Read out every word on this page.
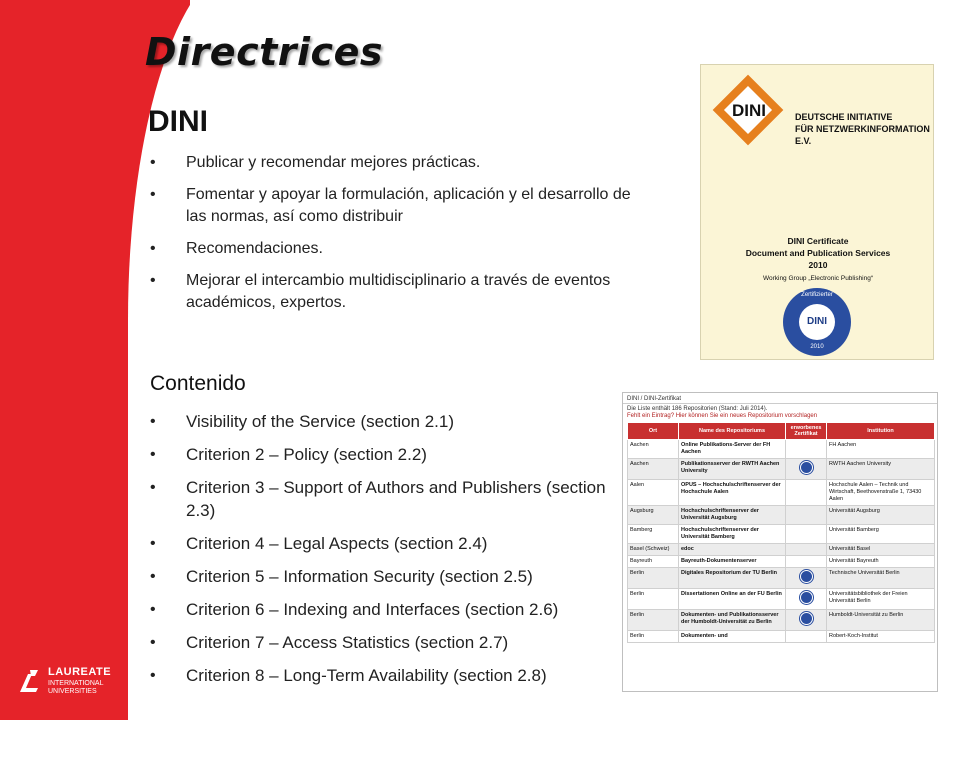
Directrices
DINI
• Publicar y recomendar mejores prácticas.
• Fomentar y apoyar la formulación, aplicación y el desarrollo de las normas, así como distribuir
• Recomendaciones.
• Mejorar el intercambio multidisciplinario a través de eventos académicos, expertos.
Contenido
• Visibility of the Service (section 2.1)
• Criterion 2 – Policy (section 2.2)
• Criterion 3 – Support of Authors and Publishers (section 2.3)
• Criterion 4 – Legal Aspects (section 2.4)
• Criterion 5 – Information Security (section 2.5)
• Criterion 6 – Indexing and Interfaces (section 2.6)
• Criterion 7 – Access Statistics (section 2.7)
• Criterion 8 – Long-Term Availability (section 2.8)
DINI	DEUTSCHE INITIATIVE
FÜR NETZWERKINFORMATION E.V.
DINI Certificate
Document and Publication Services
2010
Working Group „Electronic Publishing“
Zertifizierter
DINI
2010
DINI / DINI-Zertifikat
Die Liste enthält 186 Repositorien (Stand: Juli 2014).
Fehlt ein Eintrag? Hier können Sie ein neues Repositorium vorschlagen
Ort	Name des Repositoriums	erworbenes Zertifikat	Institution
Aachen	Online Publikations-Server der FH Aachen		FH Aachen
Aachen	Publikationsserver der RWTH Aachen University		RWTH Aachen University
Aalen	OPUS – Hochschulschriftenserver der Hochschule Aalen		Hochschule Aalen – Technik und Wirtschaft, Beethovenstraße 1, 73430 Aalen
Augsburg	Hochschulschriftenserver der Universität Augsburg		Universität Augsburg
Bamberg	Hochschulschriftenserver der Universität Bamberg		Universität Bamberg
Basel (Schweiz)	edoc		Universität Basel
Bayreuth	Bayreuth-Dokumentenserver		Universität Bayreuth
Berlin	Digitales Repositorium der TU Berlin		Technische Universität Berlin
Berlin	Dissertationen Online an der FU Berlin		Universitätsbibliothek der Freien Universität Berlin
Berlin	Dokumenten- und Publikationsserver der Humboldt-Universität zu Berlin		Humboldt-Universität zu Berlin
Berlin	Dokumenten- und		Robert-Koch-Institut
LAUREATE
INTERNATIONAL
UNIVERSITIES
